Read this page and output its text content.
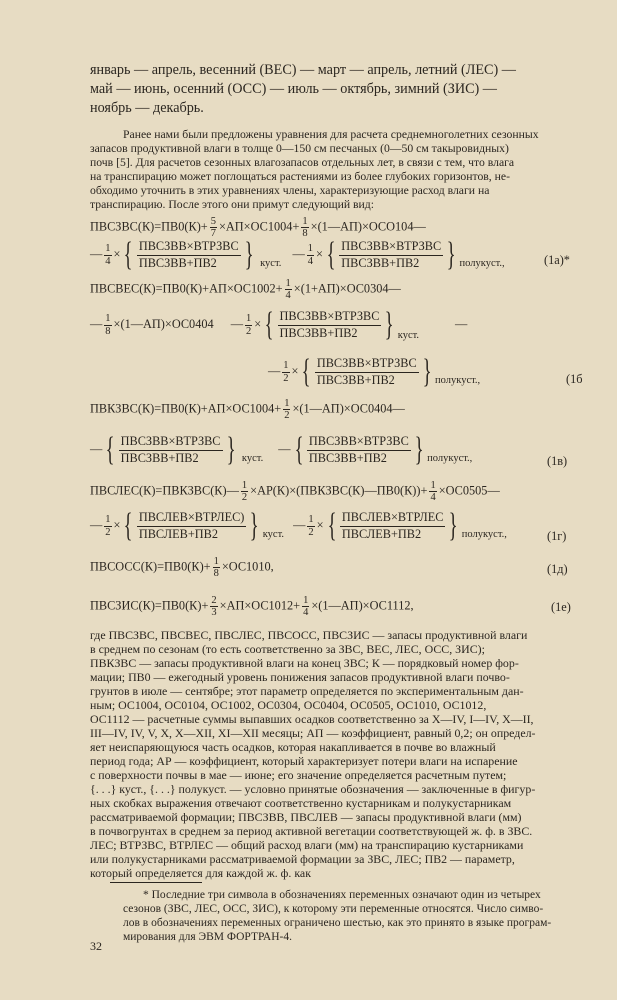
январь — апрель, весенний (ВЕС) — март — апрель, летний (ЛЕС) —
май — июнь, осенний (ОСС) — июль — октябрь, зимний (ЗИС) —
ноябрь — декабрь.
Ранее нами были предложены уравнения для расчета среднемноголетних сезонных
запасов продуктивной влаги в толще 0—150 см песчаных (0—50 см такыровидных)
почв [5]. Для расчетов сезонных влагозапасов отдельных лет, в связи с тем, что влага
на транспирацию может поглощаться растениями из более глубоких горизонтов, не-
обходимо уточнить в этих уравнениях члены, характеризующие расход влаги на
транспирацию. После этого они примут следующий вид:
ПВСЗВС(К)=ПВ0(К)+ $\frac{5}{7} \times АП\times ОС1004+ \frac{1}{8}$ ×(1—АП)×ОСО104—
— $\frac{1}{4}$ × { $\frac{\text{ПВСЗВВ×ВТРЗВС}}{\text{ПВСЗВВ+ПВ2}}$ } куст. — $\frac{1}{4}$ × { $\frac{\text{ПВСЗВВ×ВТРЗВС}}{\text{ПВСЗВВ+ПВ2}}$ } полукуст.,	(1а)*
ПВСВЕС(К)=ПВ0(К)+АП×ОС1002+ $\frac{1}{4}$ ×(1+АП)×ОС0304—
— $\frac{1}{8}$ ×(1—АП)×ОС0404 — $\frac{1}{2}$ × { $\frac{\text{ПВСЗВВ×ВТРЗВС}}{\text{ПВСЗВВ+ПВ2}}$ } куст.—
— $\frac{1}{2}$ × { $\frac{\text{ПВСЗВВ×ВТРЗВС}}{\text{ПВСЗВВ+ПВ2}}$ } полукуст.,	(1б
ПВКЗВС(К)=ПВ0(К)+АП×ОС1004+ $\frac{1}{2}$ ×(1—АП)×ОС0404—
— { $\frac{\text{ПВСЗВВ×ВТРЗВС}}{\text{ПВСЗВВ+ПВ2}}$ } куст. — { $\frac{\text{ПВСЗВВ×ВТРЗВС}}{\text{ПВСЗВВ+ПВ2}}$ } полукуст.,	(1в)
ПВСЛЕС(К)=ПВКЗВС(К)— $\frac{1}{2}$ ×АР(К)×(ПВКЗВС(К)—ПВ0(К))+ $\frac{1}{4}$ ×ОС0505—
— $\frac{1}{2}$ × { $\frac{\text{ПВСЛЕВ×ВТРЛЕС)}}{\text{ПВСЛЕВ+ПВ2}}$ } куст. — $\frac{1}{2}$ × { $\frac{\text{ПВСЛЕВ×ВТРЛЕС}}{\text{ПВСЛЕВ+ПВ2}}$ } полукуст.,	(1г)
ПВСОСС(К)=ПВ0(К)+ $\frac{1}{8} \times ОС1010$,	(1д)
ПВСЗИС(К)=ПВ0(К)+ $\frac{2}{3} \times АП\times ОС1012+ \frac{1}{4}$ ×(1—АП)×ОС1112,	(1е)
где ПВСЗВС, ПВСВЕС, ПВСЛЕС, ПВСОСС, ПВСЗИС — запасы продуктивной влаги
в среднем по сезонам (то есть соответственно за ЗВС, ВЕС, ЛЕС, ОСС, ЗИС);
ПВКЗВС — запасы продуктивной влаги на конец ЗВС; К — порядковый номер фор-
мации; ПВ0 — ежегодный уровень понижения запасов продуктивной влаги почво-
грунтов в июле — сентябре; этот параметр определяется по экспериментальным дан-
ным; ОС1004, ОС0104, ОС1002, ОС0304, ОС0404, ОС0505, ОС1010, ОС1012,
ОС1112 — расчетные суммы выпавших осадков соответственно за X—IV, I—IV, X—II,
III—IV, IV, V, X, X—XII, XI—XII месяцы; АП — коэффициент, равный 0,2; он определ-
яет неиспаряющуюся часть осадков, которая накапливается в почве во влажный
период года; АР — коэффициент, который характеризует потери влаги на испарение
с поверхности почвы в мае — июне; его значение определяется расчетным путем;
{. . .} куст., {. . .} полукуст. — условно принятые обозначения — заключенные в фигур-
ных скобках выражения отвечают соответственно кустарникам и полукустарникам
рассматриваемой формации; ПВСЗВВ, ПВСЛЕВ — запасы продуктивной влаги (мм)
в почвогрунтах в среднем за период активной вегетации соответствующей ж. ф. в ЗВС.
ЛЕС; ВТРЗВС, ВТРЛЕС — общий расход влаги (мм) на транспирацию кустарниками
или полукустарниками рассматриваемой формации за ЗВС, ЛЕС; ПВ2 — параметр,
который определяется для каждой ж. ф. как
* Последние три символа в обозначениях переменных означают один из четырех
сезонов (ЗВС, ЛЕС, ОСС, ЗИС), к которому эти переменные относятся. Число симво-
лов в обозначениях переменных ограничено шестью, как это принято в языке програм-
мирования для ЭВМ ФОРТРАН-4.
32
